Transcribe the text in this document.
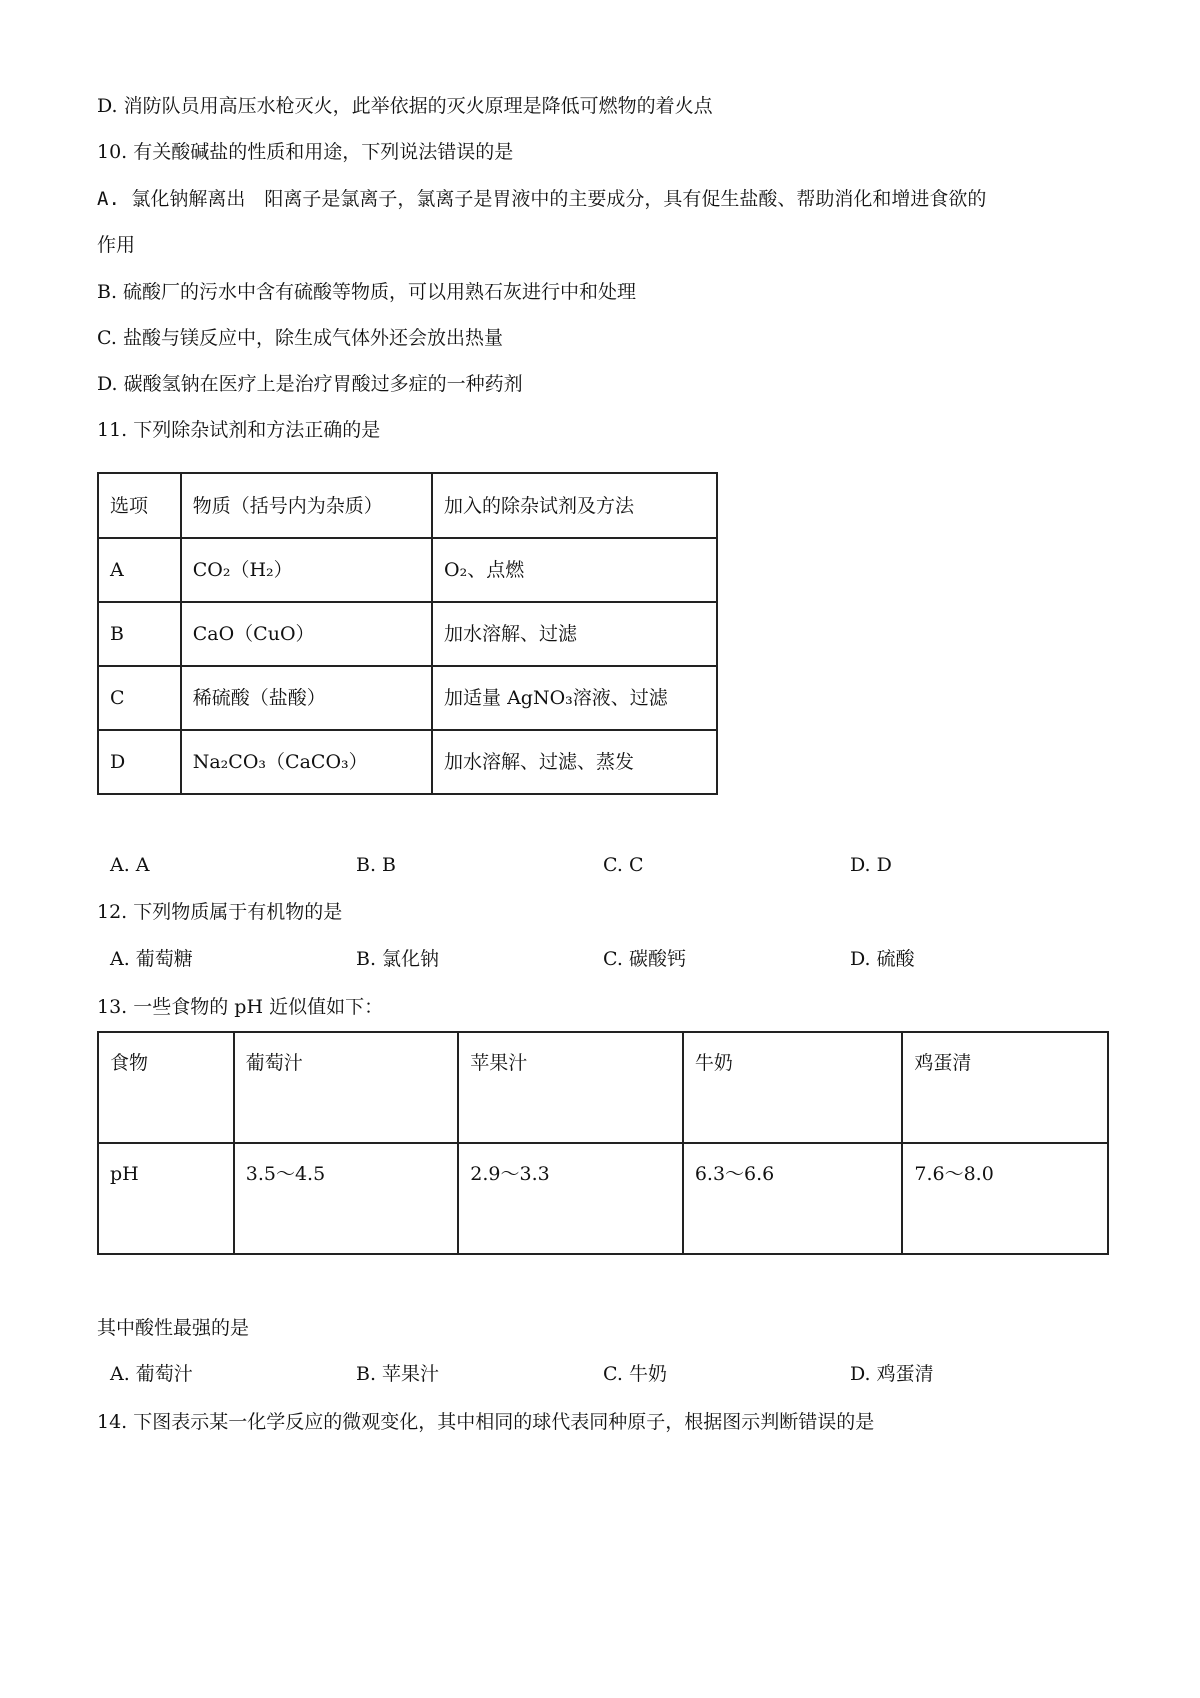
D. 消防队员用高压水枪灭火，此举依据的灭火原理是降低可燃物的着火点
10. 有关酸碱盐的性质和用途，下列说法错误的是
A. 氯化钠解离出　阳离子是氯离子，氯离子是胃液中的主要成分，具有促生盐酸、帮助消化和增进食欲的
作用
B. 硫酸厂的污水中含有硫酸等物质，可以用熟石灰进行中和处理
C. 盐酸与镁反应中，除生成气体外还会放出热量
D. 碳酸氢钠在医疗上是治疗胃酸过多症的一种药剂
11. 下列除杂试剂和方法正确的是
选项	物质（括号内为杂质）	加入的除杂试剂及方法
A	CO₂（H₂）	O₂、点燃
B	CaO（CuO）	加水溶解、过滤
C	稀硫酸（盐酸）	加适量 AgNO₃溶液、过滤
D	Na₂CO₃（CaCO₃）	加水溶解、过滤、蒸发
A. A	B. B	C. C	D. D
12. 下列物质属于有机物的是
A. 葡萄糖	B. 氯化钠	C. 碳酸钙	D. 硫酸
13. 一些食物的 pH 近似值如下：
食物	葡萄汁	苹果汁	牛奶	鸡蛋清
pH	3.5～4.5	2.9～3.3	6.3～6.6	7.6～8.0
其中酸性最强的是
A. 葡萄汁	B. 苹果汁	C. 牛奶	D. 鸡蛋清
14. 下图表示某一化学反应的微观变化，其中相同的球代表同种原子，根据图示判断错误的是
